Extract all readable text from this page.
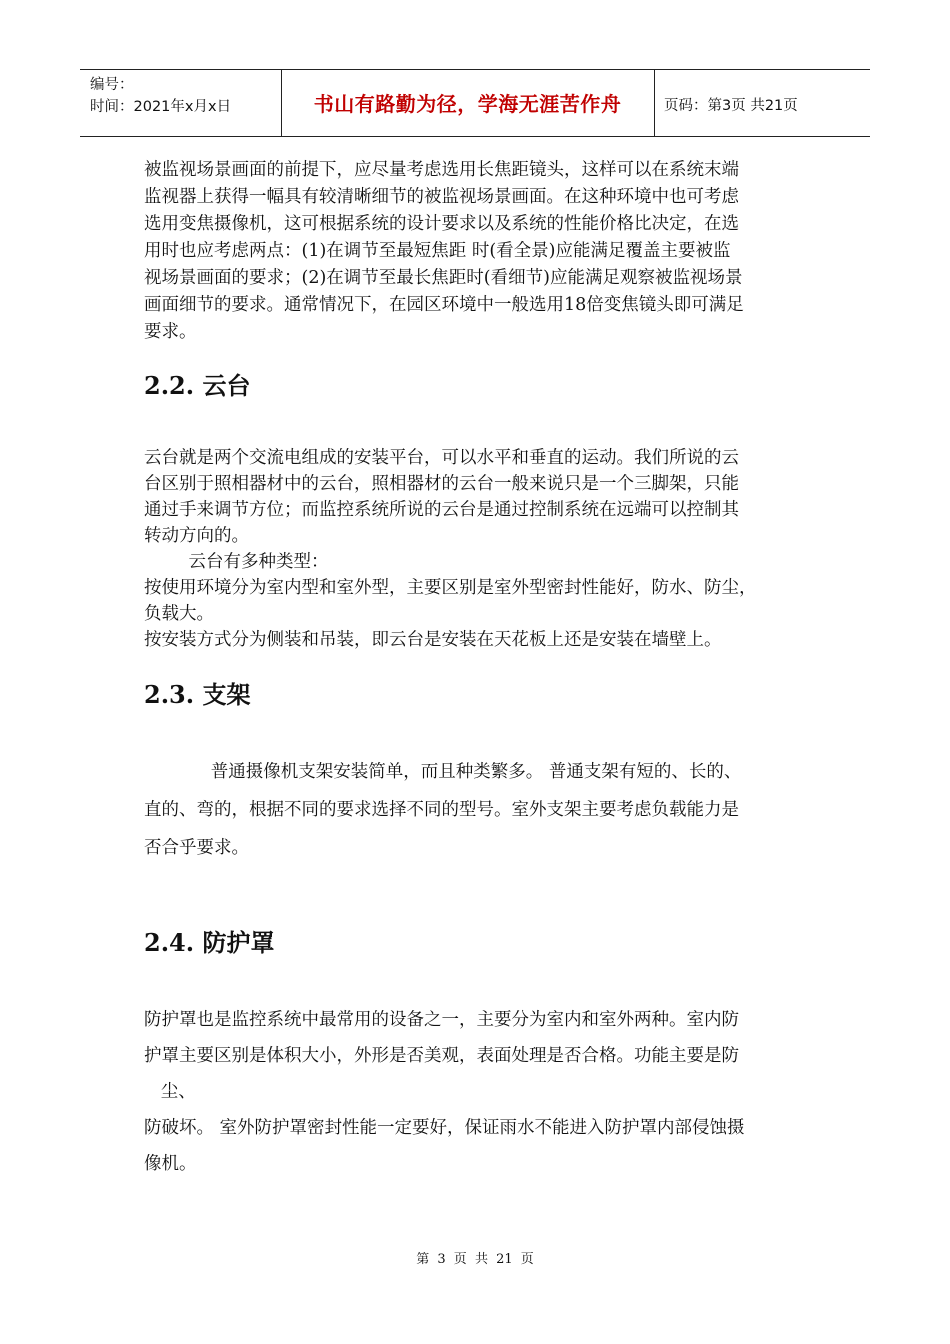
编号：
时间：2021年x月x日	书山有路勤为径，学海无涯苦作舟	页码：第3页 共21页
被监视场景画面的前提下，应尽量考虑选用长焦距镜头，这样可以在系统末端
监视器上获得一幅具有较清晰细节的被监视场景画面。在这种环境中也可考虑
选用变焦摄像机，这可根据系统的设计要求以及系统的性能价格比决定，在选
用时也应考虑两点：(1)在调节至最短焦距 时(看全景)应能满足覆盖主要被监
视场景画面的要求；(2)在调节至最长焦距时(看细节)应能满足观察被监视场景
画面细节的要求。通常情况下，在园区环境中一般选用18倍变焦镜头即可满足
要求。
2.2. 云台
云台就是两个交流电组成的安装平台，可以水平和垂直的运动。我们所说的云
台区别于照相器材中的云台，照相器材的云台一般来说只是一个三脚架，只能
通过手来调节方位；而监控系统所说的云台是通过控制系统在远端可以控制其
转动方向的。
云台有多种类型：
按使用环境分为室内型和室外型，主要区别是室外型密封性能好，防水、防尘，
负载大。
按安装方式分为侧装和吊装，即云台是安装在天花板上还是安装在墙壁上。
2.3. 支架
普通摄像机支架安装简单，而且种类繁多。 普通支架有短的、长的、
直的、弯的，根据不同的要求选择不同的型号。室外支架主要考虑负载能力是
否合乎要求。
2.4. 防护罩
防护罩也是监控系统中最常用的设备之一，主要分为室内和室外两种。室内防
护罩主要区别是体积大小，外形是否美观，表面处理是否合格。功能主要是防
尘、
防破坏。 室外防护罩密封性能一定要好，保证雨水不能进入防护罩内部侵蚀摄
像机。
第 3 页 共 21 页
